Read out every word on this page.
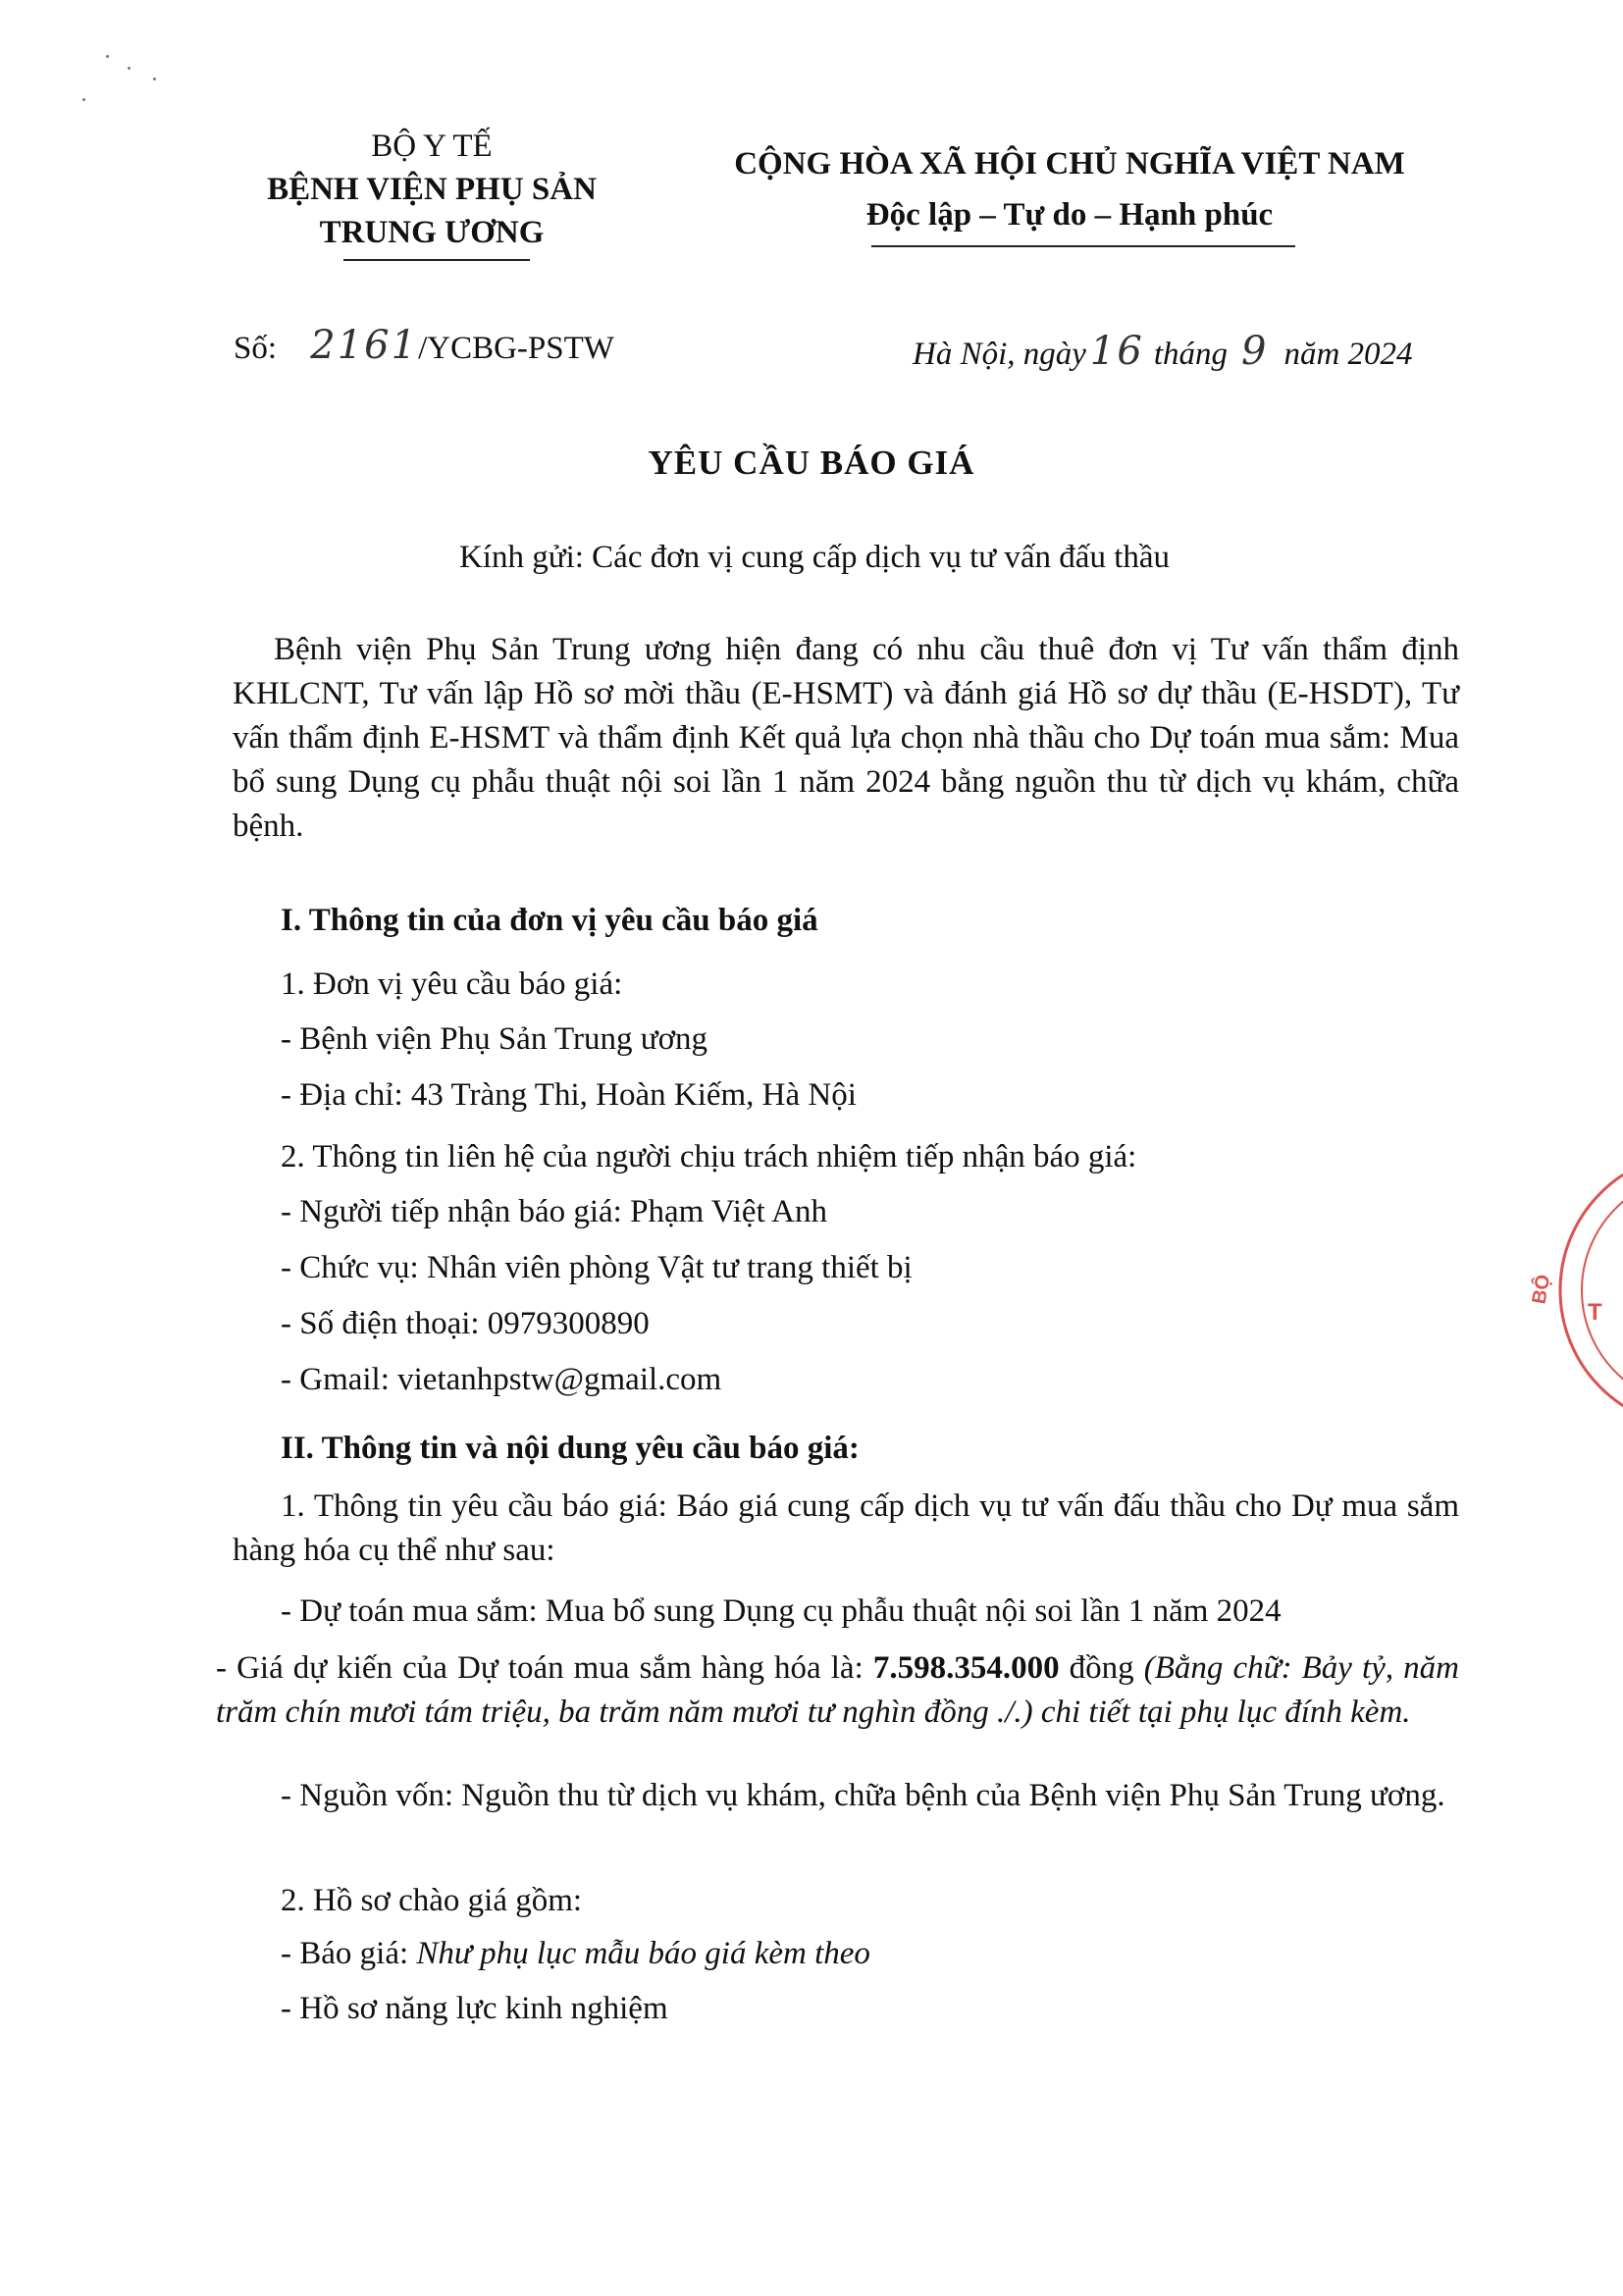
BỘ Y TẾ
BỆNH VIỆN PHỤ SẢN
TRUNG ƯƠNG
CỘNG HÒA XÃ HỘI CHỦ NGHĨA VIỆT NAM
Độc lập – Tự do – Hạnh phúc
Số: 2161/YCBG-PSTW	Hà Nội, ngày 16 tháng 9 năm 2024
YÊU CẦU BÁO GIÁ
Kính gửi: Các đơn vị cung cấp dịch vụ tư vấn đấu thầu
Bệnh viện Phụ Sản Trung ương hiện đang có nhu cầu thuê đơn vị Tư vấn thẩm định KHLCNT, Tư vấn lập Hồ sơ mời thầu (E-HSMT) và đánh giá Hồ sơ dự thầu (E-HSDT), Tư vấn thẩm định E-HSMT và thẩm định Kết quả lựa chọn nhà thầu cho Dự toán mua sắm: Mua bổ sung Dụng cụ phẫu thuật nội soi lần 1 năm 2024 bằng nguồn thu từ dịch vụ khám, chữa bệnh.
I. Thông tin của đơn vị yêu cầu báo giá
1. Đơn vị yêu cầu báo giá:
- Bệnh viện Phụ Sản Trung ương
- Địa chỉ: 43 Tràng Thi, Hoàn Kiếm, Hà Nội
2. Thông tin liên hệ của người chịu trách nhiệm tiếp nhận báo giá:
- Người tiếp nhận báo giá: Phạm Việt Anh
- Chức vụ: Nhân viên phòng Vật tư trang thiết bị
- Số điện thoại: 0979300890
- Gmail: vietanhpstw@gmail.com
II. Thông tin và nội dung yêu cầu báo giá:
1. Thông tin yêu cầu báo giá: Báo giá cung cấp dịch vụ tư vấn đấu thầu cho Dự mua sắm hàng hóa cụ thể như sau:
- Dự toán mua sắm: Mua bổ sung Dụng cụ phẫu thuật nội soi lần 1 năm 2024
- Giá dự kiến của Dự toán mua sắm hàng hóa là: 7.598.354.000 đồng (Bằng chữ: Bảy tỷ, năm trăm chín mươi tám triệu, ba trăm năm mươi tư nghìn đồng ./.) chi tiết tại phụ lục đính kèm.
- Nguồn vốn: Nguồn thu từ dịch vụ khám, chữa bệnh của Bệnh viện Phụ Sản Trung ương.
2. Hồ sơ chào giá gồm:
- Báo giá: Như phụ lục mẫu báo giá kèm theo
- Hồ sơ năng lực kinh nghiệm
BỘ
T
